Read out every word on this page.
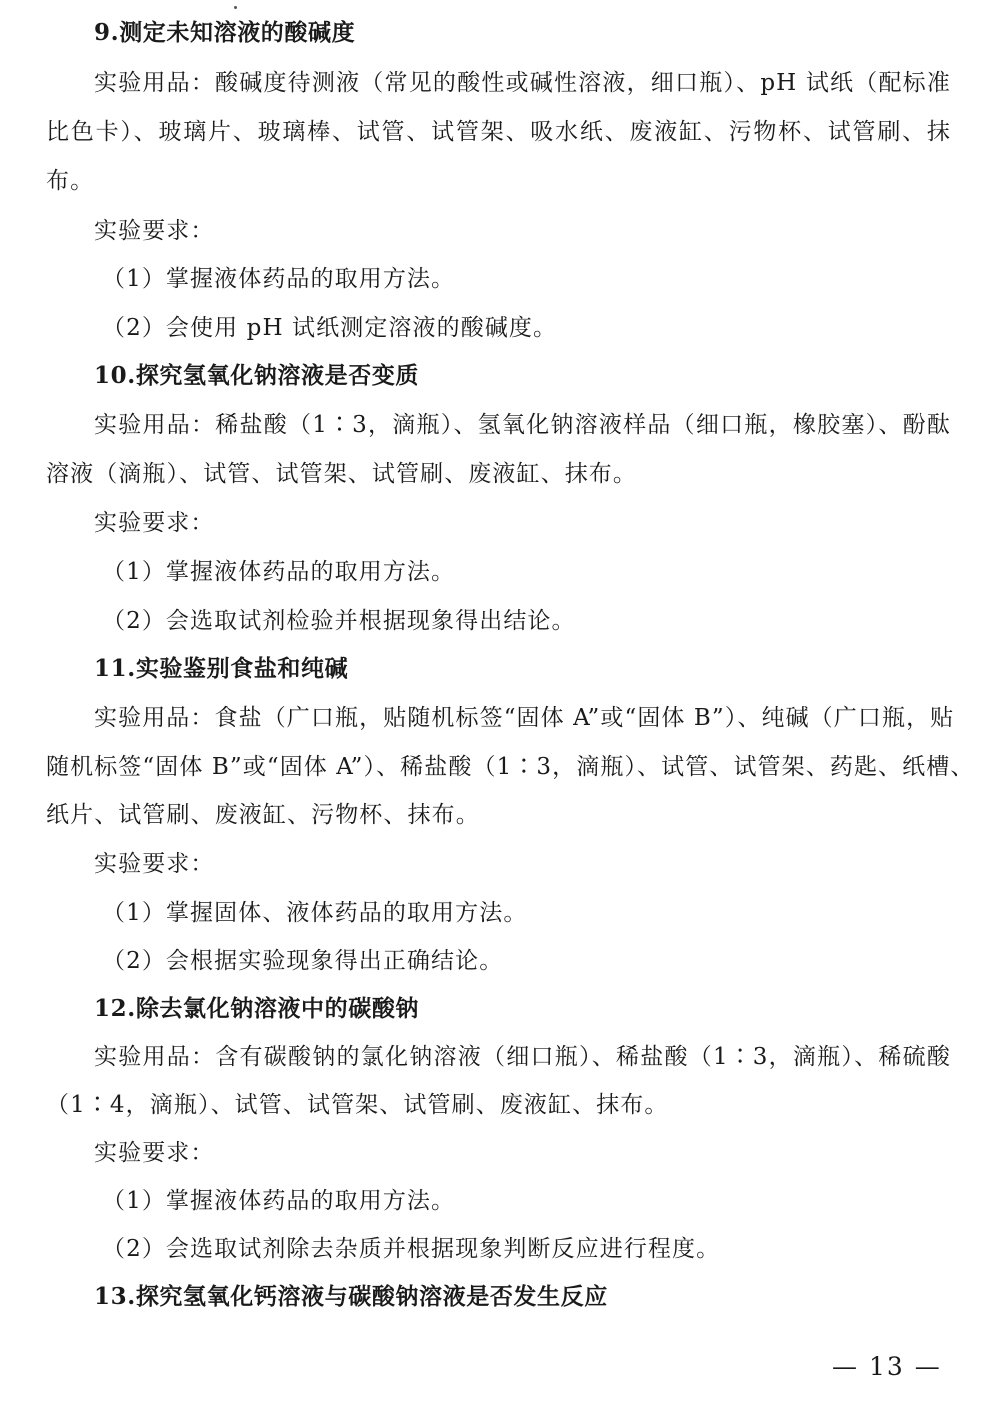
9.测定未知溶液的酸碱度
实验用品：酸碱度待测液（常见的酸性或碱性溶液，细口瓶）、pH 试纸（配标准
比色卡）、玻璃片、玻璃棒、试管、试管架、吸水纸、废液缸、污物杯、试管刷、抹
布。
实验要求：
（1）掌握液体药品的取用方法。
（2）会使用 pH 试纸测定溶液的酸碱度。
10.探究氢氧化钠溶液是否变质
实验用品：稀盐酸（1∶3，滴瓶）、氢氧化钠溶液样品（细口瓶，橡胶塞）、酚酞
溶液（滴瓶）、试管、试管架、试管刷、废液缸、抹布。
实验要求：
（1）掌握液体药品的取用方法。
（2）会选取试剂检验并根据现象得出结论。
11.实验鉴别食盐和纯碱
实验用品：食盐（广口瓶，贴随机标签“固体 A”或“固体 B”）、纯碱（广口瓶，贴
随机标签“固体 B”或“固体 A”）、稀盐酸（1∶3，滴瓶）、试管、试管架、药匙、纸槽、
纸片、试管刷、废液缸、污物杯、抹布。
实验要求：
（1）掌握固体、液体药品的取用方法。
（2）会根据实验现象得出正确结论。
12.除去氯化钠溶液中的碳酸钠
实验用品：含有碳酸钠的氯化钠溶液（细口瓶）、稀盐酸（1∶3，滴瓶）、稀硫酸
（1∶4，滴瓶）、试管、试管架、试管刷、废液缸、抹布。
实验要求：
（1）掌握液体药品的取用方法。
（2）会选取试剂除去杂质并根据现象判断反应进行程度。
13.探究氢氧化钙溶液与碳酸钠溶液是否发生反应
— 13 —
